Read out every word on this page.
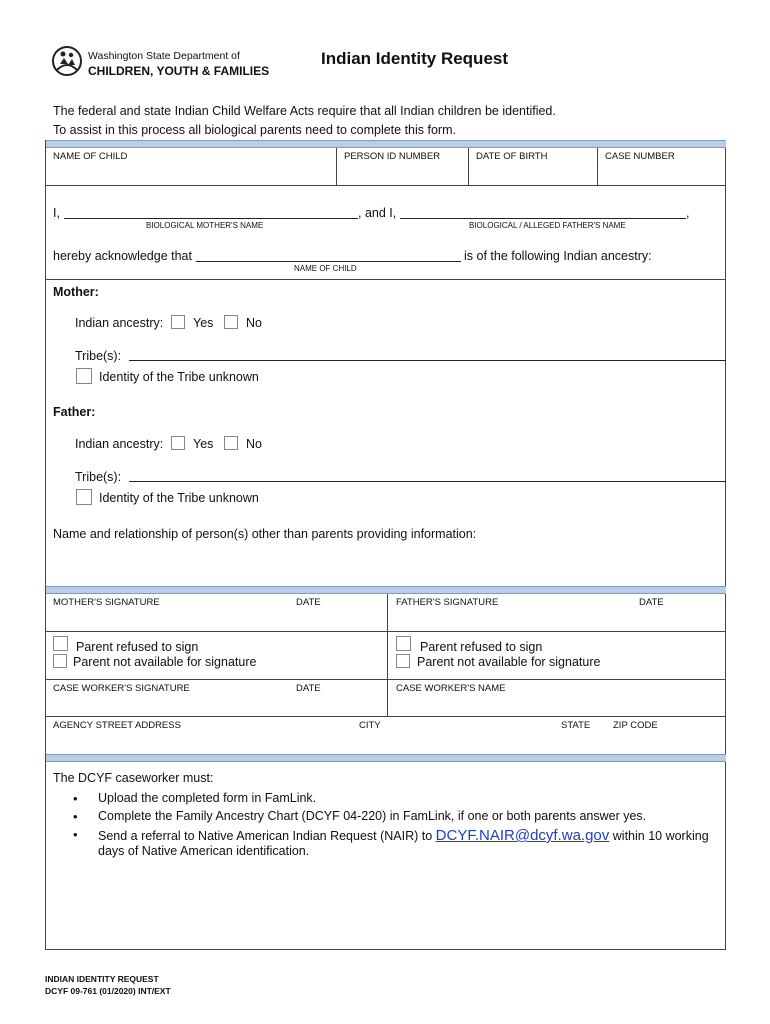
Washington State Department of
CHILDREN, YOUTH & FAMILIES
Indian Identity Request
The federal and state Indian Child Welfare Acts require that all Indian children be identified.
To assist in this process all biological parents need to complete this form.
NAME OF CHILD	PERSON ID NUMBER	DATE OF BIRTH	CASE NUMBER
I,
BIOLOGICAL MOTHER'S NAME
, and I,	,
BIOLOGICAL / ALLEGED FATHER'S NAME
hereby acknowledge that
NAME OF CHILD
is of the following Indian ancestry:
Mother:
Indian ancestry: Yes	No
Tribe(s):
Identity of the Tribe unknown
Father:
Indian ancestry: Yes	No
Tribe(s):
Identity of the Tribe unknown
Name and relationship of person(s) other than parents providing information:
MOTHER'S SIGNATURE	DATE	FATHER'S SIGNATURE	DATE
Parent refused to sign
Parent not available for signature
Parent refused to sign
Parent not available for signature
CASE WORKER'S SIGNATURE	DATE	CASE WORKER'S NAME
AGENCY STREET ADDRESS	CITY	STATE ZIP CODE
The DCYF caseworker must:
• Upload the completed form in FamLink.
• Complete the Family Ancestry Chart (DCYF 04-220) in FamLink, if one or both parents answer yes.
• Send a referral to Native American Indian Request (NAIR) to DCYF.NAIR@dcyf.wa.gov within 10 working
days of Native American identification.
INDIAN IDENTITY REQUEST
DCYF 09-761 (01/2020) INT/EXT
